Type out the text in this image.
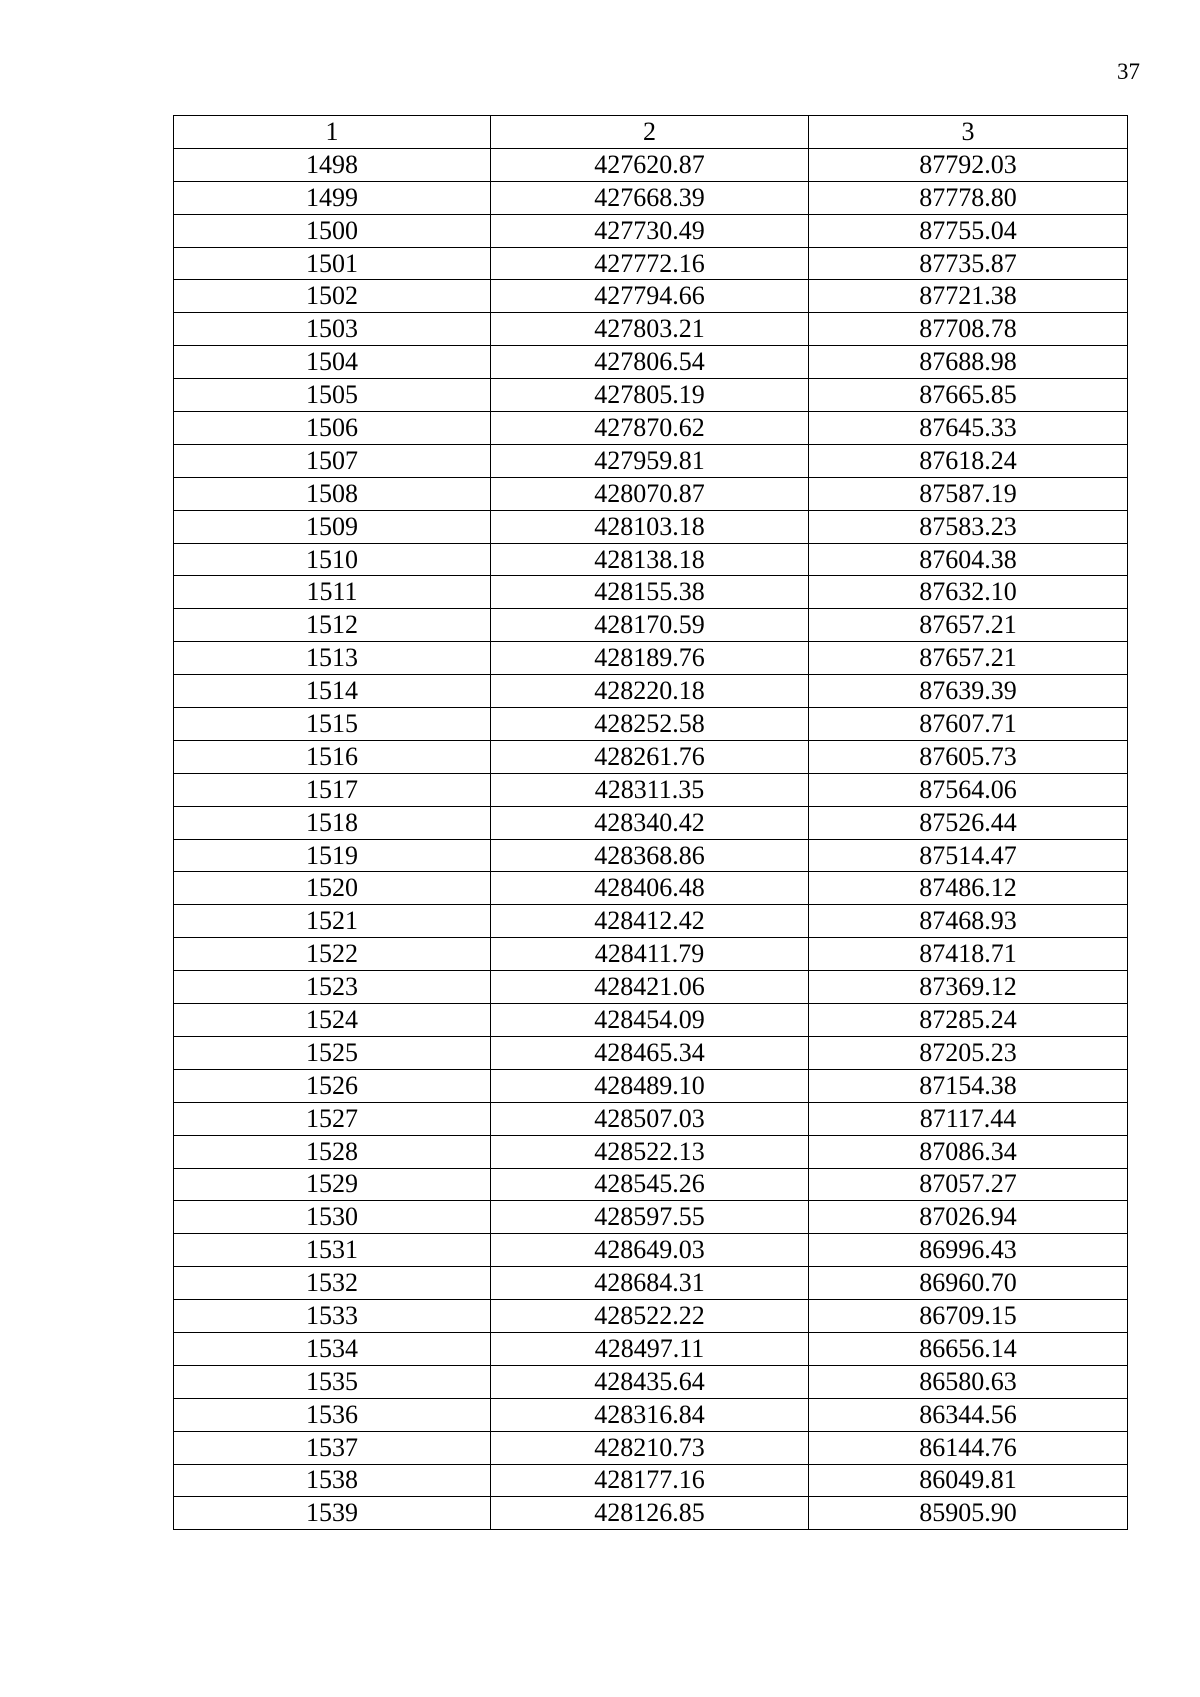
37
1	2	3
1498	427620.87	87792.03
1499	427668.39	87778.80
1500	427730.49	87755.04
1501	427772.16	87735.87
1502	427794.66	87721.38
1503	427803.21	87708.78
1504	427806.54	87688.98
1505	427805.19	87665.85
1506	427870.62	87645.33
1507	427959.81	87618.24
1508	428070.87	87587.19
1509	428103.18	87583.23
1510	428138.18	87604.38
1511	428155.38	87632.10
1512	428170.59	87657.21
1513	428189.76	87657.21
1514	428220.18	87639.39
1515	428252.58	87607.71
1516	428261.76	87605.73
1517	428311.35	87564.06
1518	428340.42	87526.44
1519	428368.86	87514.47
1520	428406.48	87486.12
1521	428412.42	87468.93
1522	428411.79	87418.71
1523	428421.06	87369.12
1524	428454.09	87285.24
1525	428465.34	87205.23
1526	428489.10	87154.38
1527	428507.03	87117.44
1528	428522.13	87086.34
1529	428545.26	87057.27
1530	428597.55	87026.94
1531	428649.03	86996.43
1532	428684.31	86960.70
1533	428522.22	86709.15
1534	428497.11	86656.14
1535	428435.64	86580.63
1536	428316.84	86344.56
1537	428210.73	86144.76
1538	428177.16	86049.81
1539	428126.85	85905.90
